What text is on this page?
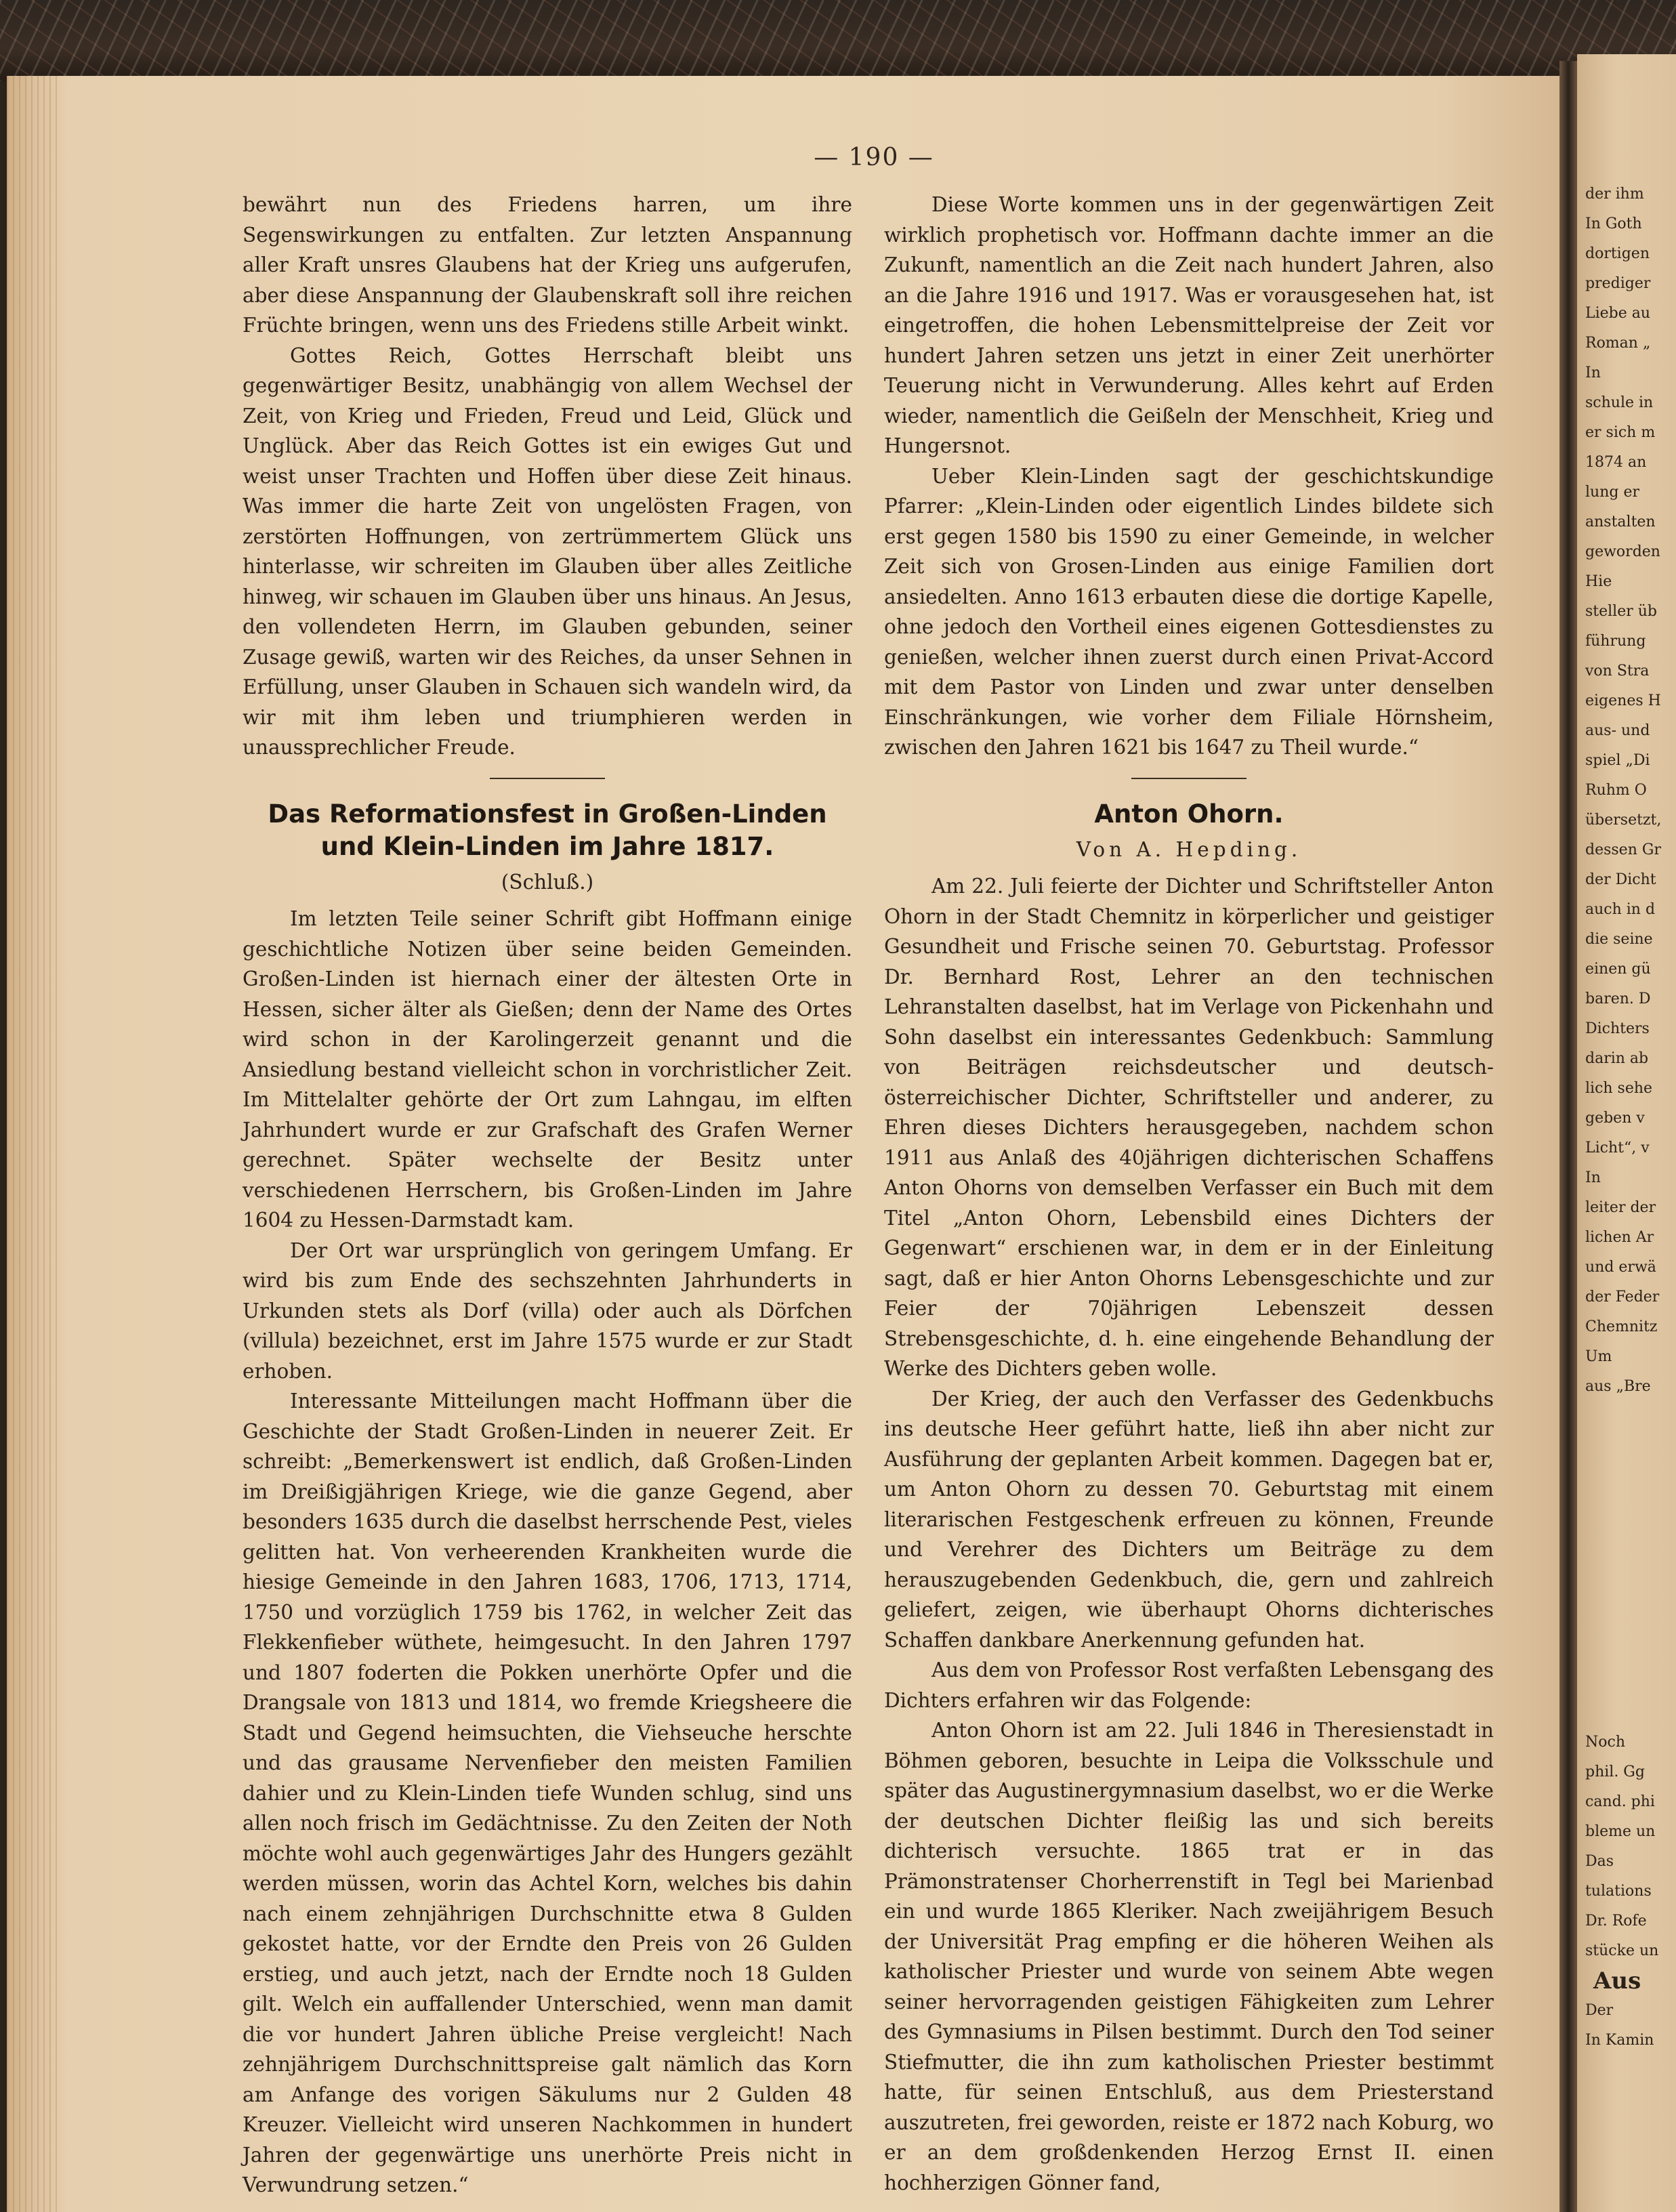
— 190 —

bewährt nun des Friedens harren, um ihre Segenswirkungen zu entfalten. Zur letzten Anspannung aller Kraft unsres Glaubens hat der Krieg uns aufgerufen, aber diese Anspannung der Glaubenskraft soll ihre reichen Früchte bringen, wenn uns des Friedens stille Arbeit winkt.

Gottes Reich, Gottes Herrschaft bleibt uns gegenwärtiger Besitz, unabhängig von allem Wechsel der Zeit, von Krieg und Frieden, Freud und Leid, Glück und Unglück. Aber das Reich Gottes ist ein ewiges Gut und weist unser Trachten und Hoffen über diese Zeit hinaus. Was immer die harte Zeit von ungelösten Fragen, von zerstörten Hoffnungen, von zertrümmertem Glück uns hinterlasse, wir schreiten im Glauben über alles Zeitliche hinweg, wir schauen im Glauben über uns hinaus. An Jesus, den vollendeten Herrn, im Glauben gebunden, seiner Zusage gewiß, warten wir des Reiches, da unser Sehnen in Erfüllung, unser Glauben in Schauen sich wandeln wird, da wir mit ihm leben und triumphieren werden in unaussprechlicher Freude.

Das Reformationsfest in Großen-Linden und Klein-Linden im Jahre 1817.
(Schluß.)

Im letzten Teile seiner Schrift gibt Hoffmann einige geschichtliche Notizen über seine beiden Gemeinden. Großen-Linden ist hiernach einer der ältesten Orte in Hessen, sicher älter als Gießen; denn der Name des Ortes wird schon in der Karolingerzeit genannt und die Ansiedlung bestand vielleicht schon in vorchristlicher Zeit. Im Mittelalter gehörte der Ort zum Lahngau, im elften Jahrhundert wurde er zur Grafschaft des Grafen Werner gerechnet. Später wechselte der Besitz unter verschiedenen Herrschern, bis Großen-Linden im Jahre 1604 zu Hessen-Darmstadt kam.

Der Ort war ursprünglich von geringem Umfang. Er wird bis zum Ende des sechszehnten Jahrhunderts in Urkunden stets als Dorf (villa) oder auch als Dörfchen (villula) bezeichnet, erst im Jahre 1575 wurde er zur Stadt erhoben.

Interessante Mitteilungen macht Hoffmann über die Geschichte der Stadt Großen-Linden in neuerer Zeit. Er schreibt: „Bemerkenswert ist endlich, daß Großen-Linden im Dreißigjährigen Kriege, wie die ganze Gegend, aber besonders 1635 durch die daselbst herrschende Pest, vieles gelitten hat. Von verheerenden Krankheiten wurde die hiesige Gemeinde in den Jahren 1683, 1706, 1713, 1714, 1750 und vorzüglich 1759 bis 1762, in welcher Zeit das Flekkenfieber wüthete, heimgesucht. In den Jahren 1797 und 1807 foderten die Pokken unerhörte Opfer und die Drangsale von 1813 und 1814, wo fremde Kriegsheere die Stadt und Gegend heimsuchten, die Viehseuche herschte und das grausame Nervenfieber den meisten Familien dahier und zu Klein-Linden tiefe Wunden schlug, sind uns allen noch frisch im Gedächtnisse. Zu den Zeiten der Noth möchte wohl auch gegenwärtiges Jahr des Hungers gezählt werden müssen, worin das Achtel Korn, welches bis dahin nach einem zehnjährigen Durchschnitte etwa 8 Gulden gekostet hatte, vor der Erndte den Preis von 26 Gulden erstieg, und auch jetzt, nach der Erndte noch 18 Gulden gilt. Welch ein auffallender Unterschied, wenn man damit die vor hundert Jahren übliche Preise vergleicht! Nach zehnjährigem Durchschnittspreise galt nämlich das Korn am Anfange des vorigen Säkulums nur 2 Gulden 48 Kreuzer. Vielleicht wird unseren Nachkommen in hundert Jahren der gegenwärtige uns unerhörte Preis nicht in Verwundrung setzen.“

Diese Worte kommen uns in der gegenwärtigen Zeit wirklich prophetisch vor. Hoffmann dachte immer an die Zukunft, namentlich an die Zeit nach hundert Jahren, also an die Jahre 1916 und 1917. Was er vorausgesehen hat, ist eingetroffen, die hohen Lebensmittelpreise der Zeit vor hundert Jahren setzen uns jetzt in einer Zeit unerhörter Teuerung nicht in Verwunderung. Alles kehrt auf Erden wieder, namentlich die Geißeln der Menschheit, Krieg und Hungersnot.

Ueber Klein-Linden sagt der geschichtskundige Pfarrer: „Klein-Linden oder eigentlich Lindes bildete sich erst gegen 1580 bis 1590 zu einer Gemeinde, in welcher Zeit sich von Grosen-Linden aus einige Familien dort ansiedelten. Anno 1613 erbauten diese die dortige Kapelle, ohne jedoch den Vortheil eines eigenen Gottesdienstes zu genießen, welcher ihnen zuerst durch einen Privat-Accord mit dem Pastor von Linden und zwar unter denselben Einschränkungen, wie vorher dem Filiale Hörnsheim, zwischen den Jahren 1621 bis 1647 zu Theil wurde.“

Anton Ohorn.
Von A. Hepding.

Am 22. Juli feierte der Dichter und Schriftsteller Anton Ohorn in der Stadt Chemnitz in körperlicher und geistiger Gesundheit und Frische seinen 70. Geburtstag. Professor Dr. Bernhard Rost, Lehrer an den technischen Lehranstalten daselbst, hat im Verlage von Pickenhahn und Sohn daselbst ein interessantes Gedenkbuch: Sammlung von Beiträgen reichsdeutscher und deutsch-österreichischer Dichter, Schriftsteller und anderer, zu Ehren dieses Dichters herausgegeben, nachdem schon 1911 aus Anlaß des 40jährigen dichterischen Schaffens Anton Ohorns von demselben Verfasser ein Buch mit dem Titel „Anton Ohorn, Lebensbild eines Dichters der Gegenwart“ erschienen war, in dem er in der Einleitung sagt, daß er hier Anton Ohorns Lebensgeschichte und zur Feier der 70jährigen Lebenszeit dessen Strebensgeschichte, d. h. eine eingehende Behandlung der Werke des Dichters geben wolle.

Der Krieg, der auch den Verfasser des Gedenkbuchs ins deutsche Heer geführt hatte, ließ ihn aber nicht zur Ausführung der geplanten Arbeit kommen. Dagegen bat er, um Anton Ohorn zu dessen 70. Geburtstag mit einem literarischen Festgeschenk erfreuen zu können, Freunde und Verehrer des Dichters um Beiträge zu dem herauszugebenden Gedenkbuch, die, gern und zahlreich geliefert, zeigen, wie überhaupt Ohorns dichterisches Schaffen dankbare Anerkennung gefunden hat.

Aus dem von Professor Rost verfaßten Lebensgang des Dichters erfahren wir das Folgende:

Anton Ohorn ist am 22. Juli 1846 in Theresienstadt in Böhmen geboren, besuchte in Leipa die Volksschule und später das Augustinergymnasium daselbst, wo er die Werke der deutschen Dichter fleißig las und sich bereits dichterisch versuchte. 1865 trat er in das Prämonstratenser Chorherrenstift in Tegl bei Marienbad ein und wurde 1865 Kleriker. Nach zweijährigem Besuch der Universität Prag empfing er die höheren Weihen als katholischer Priester und wurde von seinem Abte wegen seiner hervorragenden geistigen Fähigkeiten zum Lehrer des Gymnasiums in Pilsen bestimmt. Durch den Tod seiner Stiefmutter, die ihn zum katholischen Priester bestimmt hatte, für seinen Entschluß, aus dem Priesterstand auszutreten, frei geworden, reiste er 1872 nach Koburg, wo er an dem großdenkenden Herzog Ernst II. einen hochherzigen Gönner fand,

der ihm
In Goth
dortigen
prediger
Liebe au
Roman „
In
schule in
er sich m
1874 an
lung er
anstalten
geworden
Hie
steller üb
führung
von Stra
eigenes H
aus- und
spiel „Di
Ruhm O
übersetzt,
dessen Gr
der Dicht
auch in d
die seine
einen gü
baren. D
Dichters
darin ab
lich sehe
geben v
Licht“, v
In
leiter der
lichen Ar
und erwä
der Feder
Chemnitz
Um
aus „Bre
Noch
phil. Gg
cand. phi
bleme un
Das
tulations
Dr. Rofe
stücke un
Aus
Der
In Kamin
